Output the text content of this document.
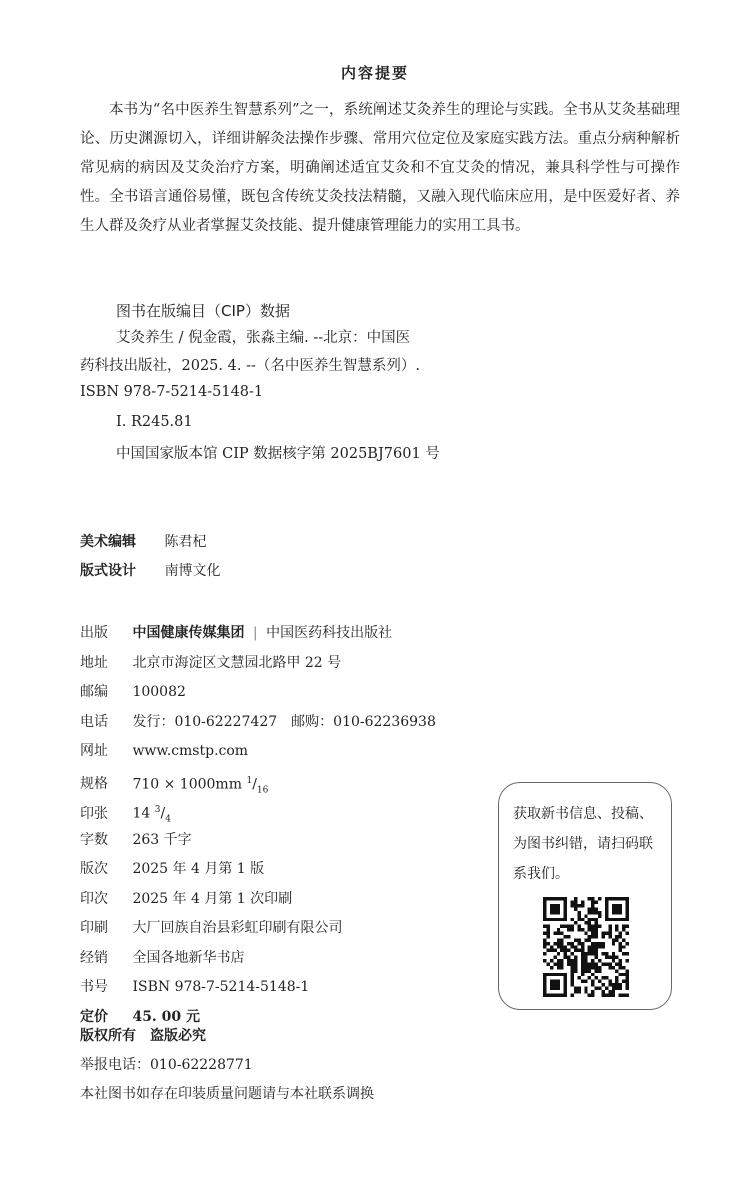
内容提要
本书为“名中医养生智慧系列”之一，系统阐述艾灸养生的理论与实践。全书从艾灸基础理论、历史渊源切入，详细讲解灸法操作步骤、常用穴位定位及家庭实践方法。重点分病种解析常见病的病因及艾灸治疗方案，明确阐述适宜艾灸和不宜艾灸的情况，兼具科学性与可操作性。全书语言通俗易懂，既包含传统艾灸技法精髓，又融入现代临床应用，是中医爱好者、养生人群及灸疗从业者掌握艾灸技能、提升健康管理能力的实用工具书。
图书在版编目（CIP）数据
艾灸养生 / 倪金霞，张淼主编. --北京：中国医
药科技出版社，2025. 4. --（名中医养生智慧系列）.
ISBN 978-7-5214-5148-1
Ⅰ. R245.81
中国国家版本馆 CIP 数据核字第 2025BJ7601 号
美术编辑 陈君杞
版式设计 南博文化
出版 中国健康传媒集团 | 中国医药科技出版社
地址 北京市海淀区文慧园北路甲 22 号
邮编 100082
电话 发行：010-62227427　邮购：010-62236938
网址 www.cmstp.com
规格 710 × 1000mm $^1/_{16}$
印张 14 $^3/_4$
字数 263 千字
版次 2025 年 4 月第 1 版
印次 2025 年 4 月第 1 次印刷
印刷 大厂回族自治县彩虹印刷有限公司
经销 全国各地新华书店
书号 ISBN 978-7-5214-5148-1
定价 45. 00 元
版权所有　盗版必究
举报电话：010-62228771
本社图书如存在印装质量问题请与本社联系调换
获取新书信息、投稿、为图书纠错，请扫码联系我们。
